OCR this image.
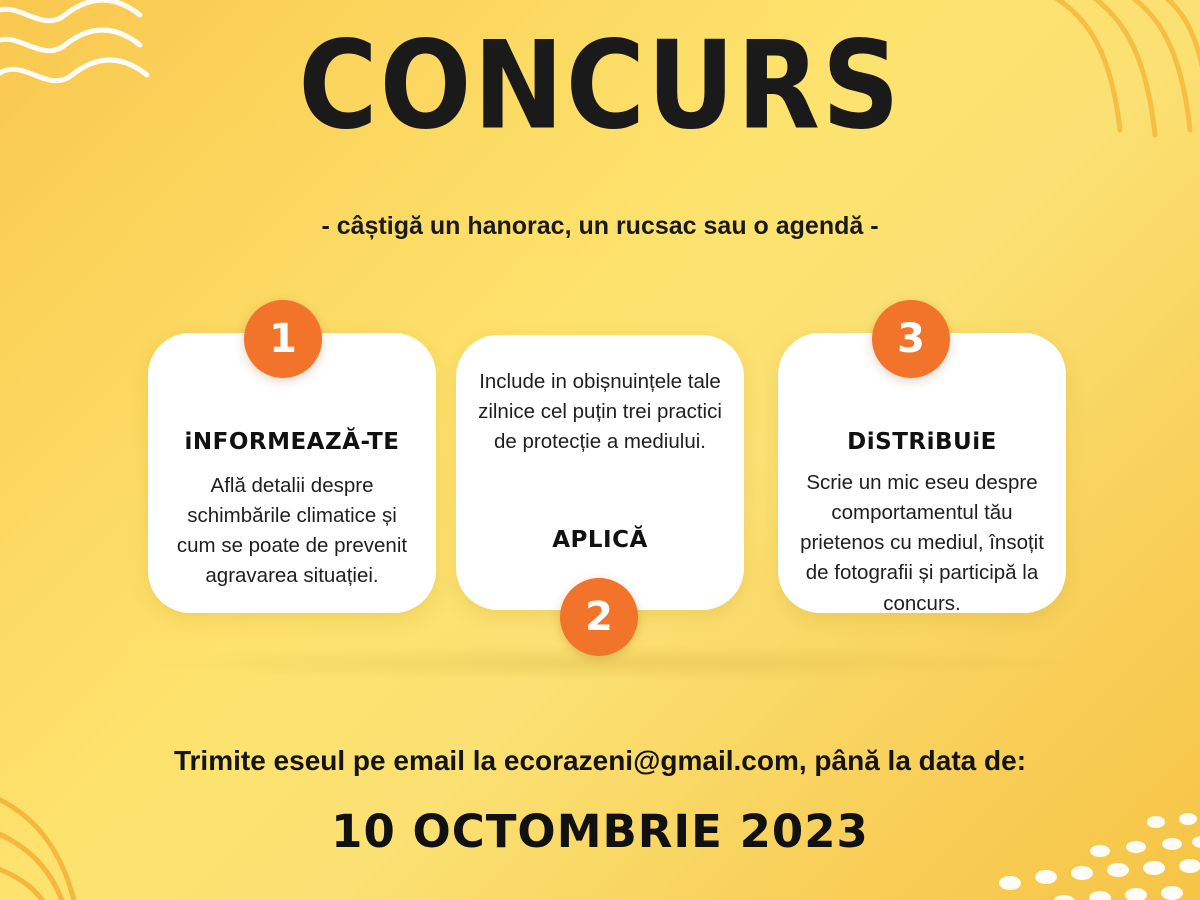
CONCURS
- câștigă un hanorac, un rucsac sau o agendă -
iNFORMEAZĂ-TE
Află detalii despre schimbările climatice și cum se poate de prevenit agravarea situației.
Include in obișnuințele tale zilnice cel puțin trei practici de protecție a mediului.
APLICĂ
DiSTRiBUiE
Scrie un mic eseu despre comportamentul tău prietenos cu mediul, însoțit de fotografii și participă la concurs.
1
2
3
Trimite eseul pe email la ecorazeni@gmail.com, până la data de:
10 OCTOMBRIE 2023
